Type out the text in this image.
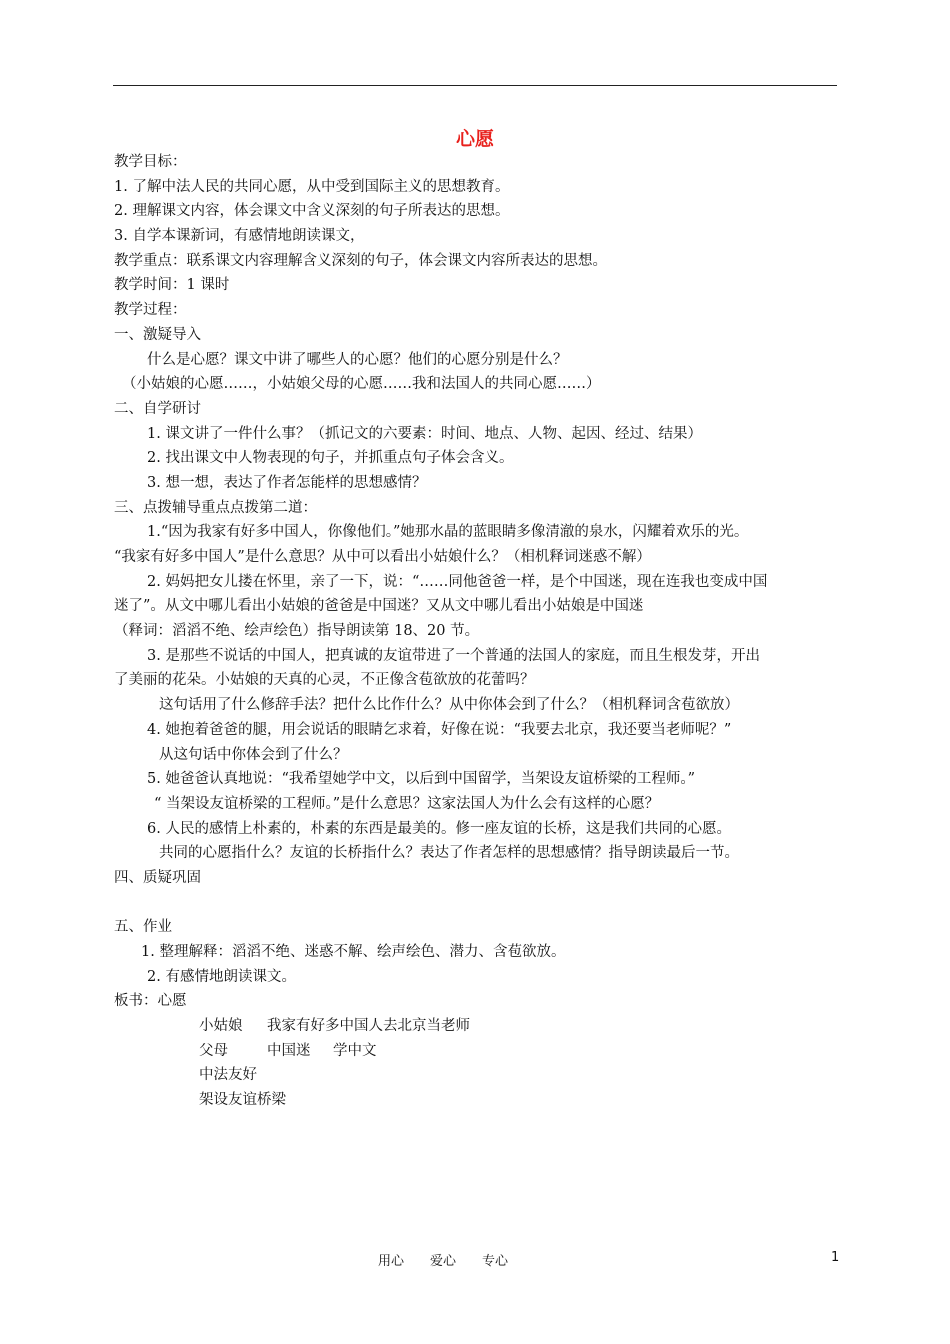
心愿
教学目标：
1. 了解中法人民的共同心愿，从中受到国际主义的思想教育。
2. 理解课文内容，体会课文中含义深刻的句子所表达的思想。
3. 自学本课新词，有感情地朗读课文，
教学重点：联系课文内容理解含义深刻的句子，体会课文内容所表达的思想。
教学时间：1 课时
教学过程：
一、激疑导入
什么是心愿？课文中讲了哪些人的心愿？他们的心愿分别是什么？
（小姑娘的心愿……，小姑娘父母的心愿……我和法国人的共同心愿……）
二、自学研讨
1. 课文讲了一件什么事？（抓记文的六要素：时间、地点、人物、起因、经过、结果）
2. 找出课文中人物表现的句子，并抓重点句子体会含义。
3. 想一想，表达了作者怎能样的思想感情？
三、点拨辅导重点点拨第二道：
1.“因为我家有好多中国人，你像他们。”她那水晶的蓝眼睛多像清澈的泉水，闪耀着欢乐的光。
“我家有好多中国人”是什么意思？从中可以看出小姑娘什么？（相机释词迷惑不解）
2. 妈妈把女儿搂在怀里，亲了一下，说：“……同他爸爸一样，是个中国迷，现在连我也变成中国
迷了”。从文中哪儿看出小姑娘的爸爸是中国迷？又从文中哪儿看出小姑娘是中国迷
（释词：滔滔不绝、绘声绘色）指导朗读第 18、20 节。
3. 是那些不说话的中国人，把真诚的友谊带进了一个普通的法国人的家庭，而且生根发芽，开出
了美丽的花朵。小姑娘的天真的心灵，不正像含苞欲放的花蕾吗？
这句话用了什么修辞手法？把什么比作什么？从中你体会到了什么？（相机释词含苞欲放）
4. 她抱着爸爸的腿，用会说话的眼睛乞求着，好像在说：“我要去北京，我还要当老师呢？”
从这句话中你体会到了什么？
5. 她爸爸认真地说：“我希望她学中文，以后到中国留学，当架设友谊桥梁的工程师。”
“ 当架设友谊桥梁的工程师。”是什么意思？这家法国人为什么会有这样的心愿？
6. 人民的感情上朴素的，朴素的东西是最美的。修一座友谊的长桥，这是我们共同的心愿。
共同的心愿指什么？友谊的长桥指什么？表达了作者怎样的思想感情？指导朗读最后一节。
四、质疑巩固
五、作业
1. 整理解释：滔滔不绝、迷惑不解、绘声绘色、潜力、含苞欲放。
2. 有感情地朗读课文。
板书：心愿
小姑娘 我家有好多中国人去北京当老师
父母	中国迷 学中文
中法友好
架设友谊桥梁
用心　　爱心　　专心	1
